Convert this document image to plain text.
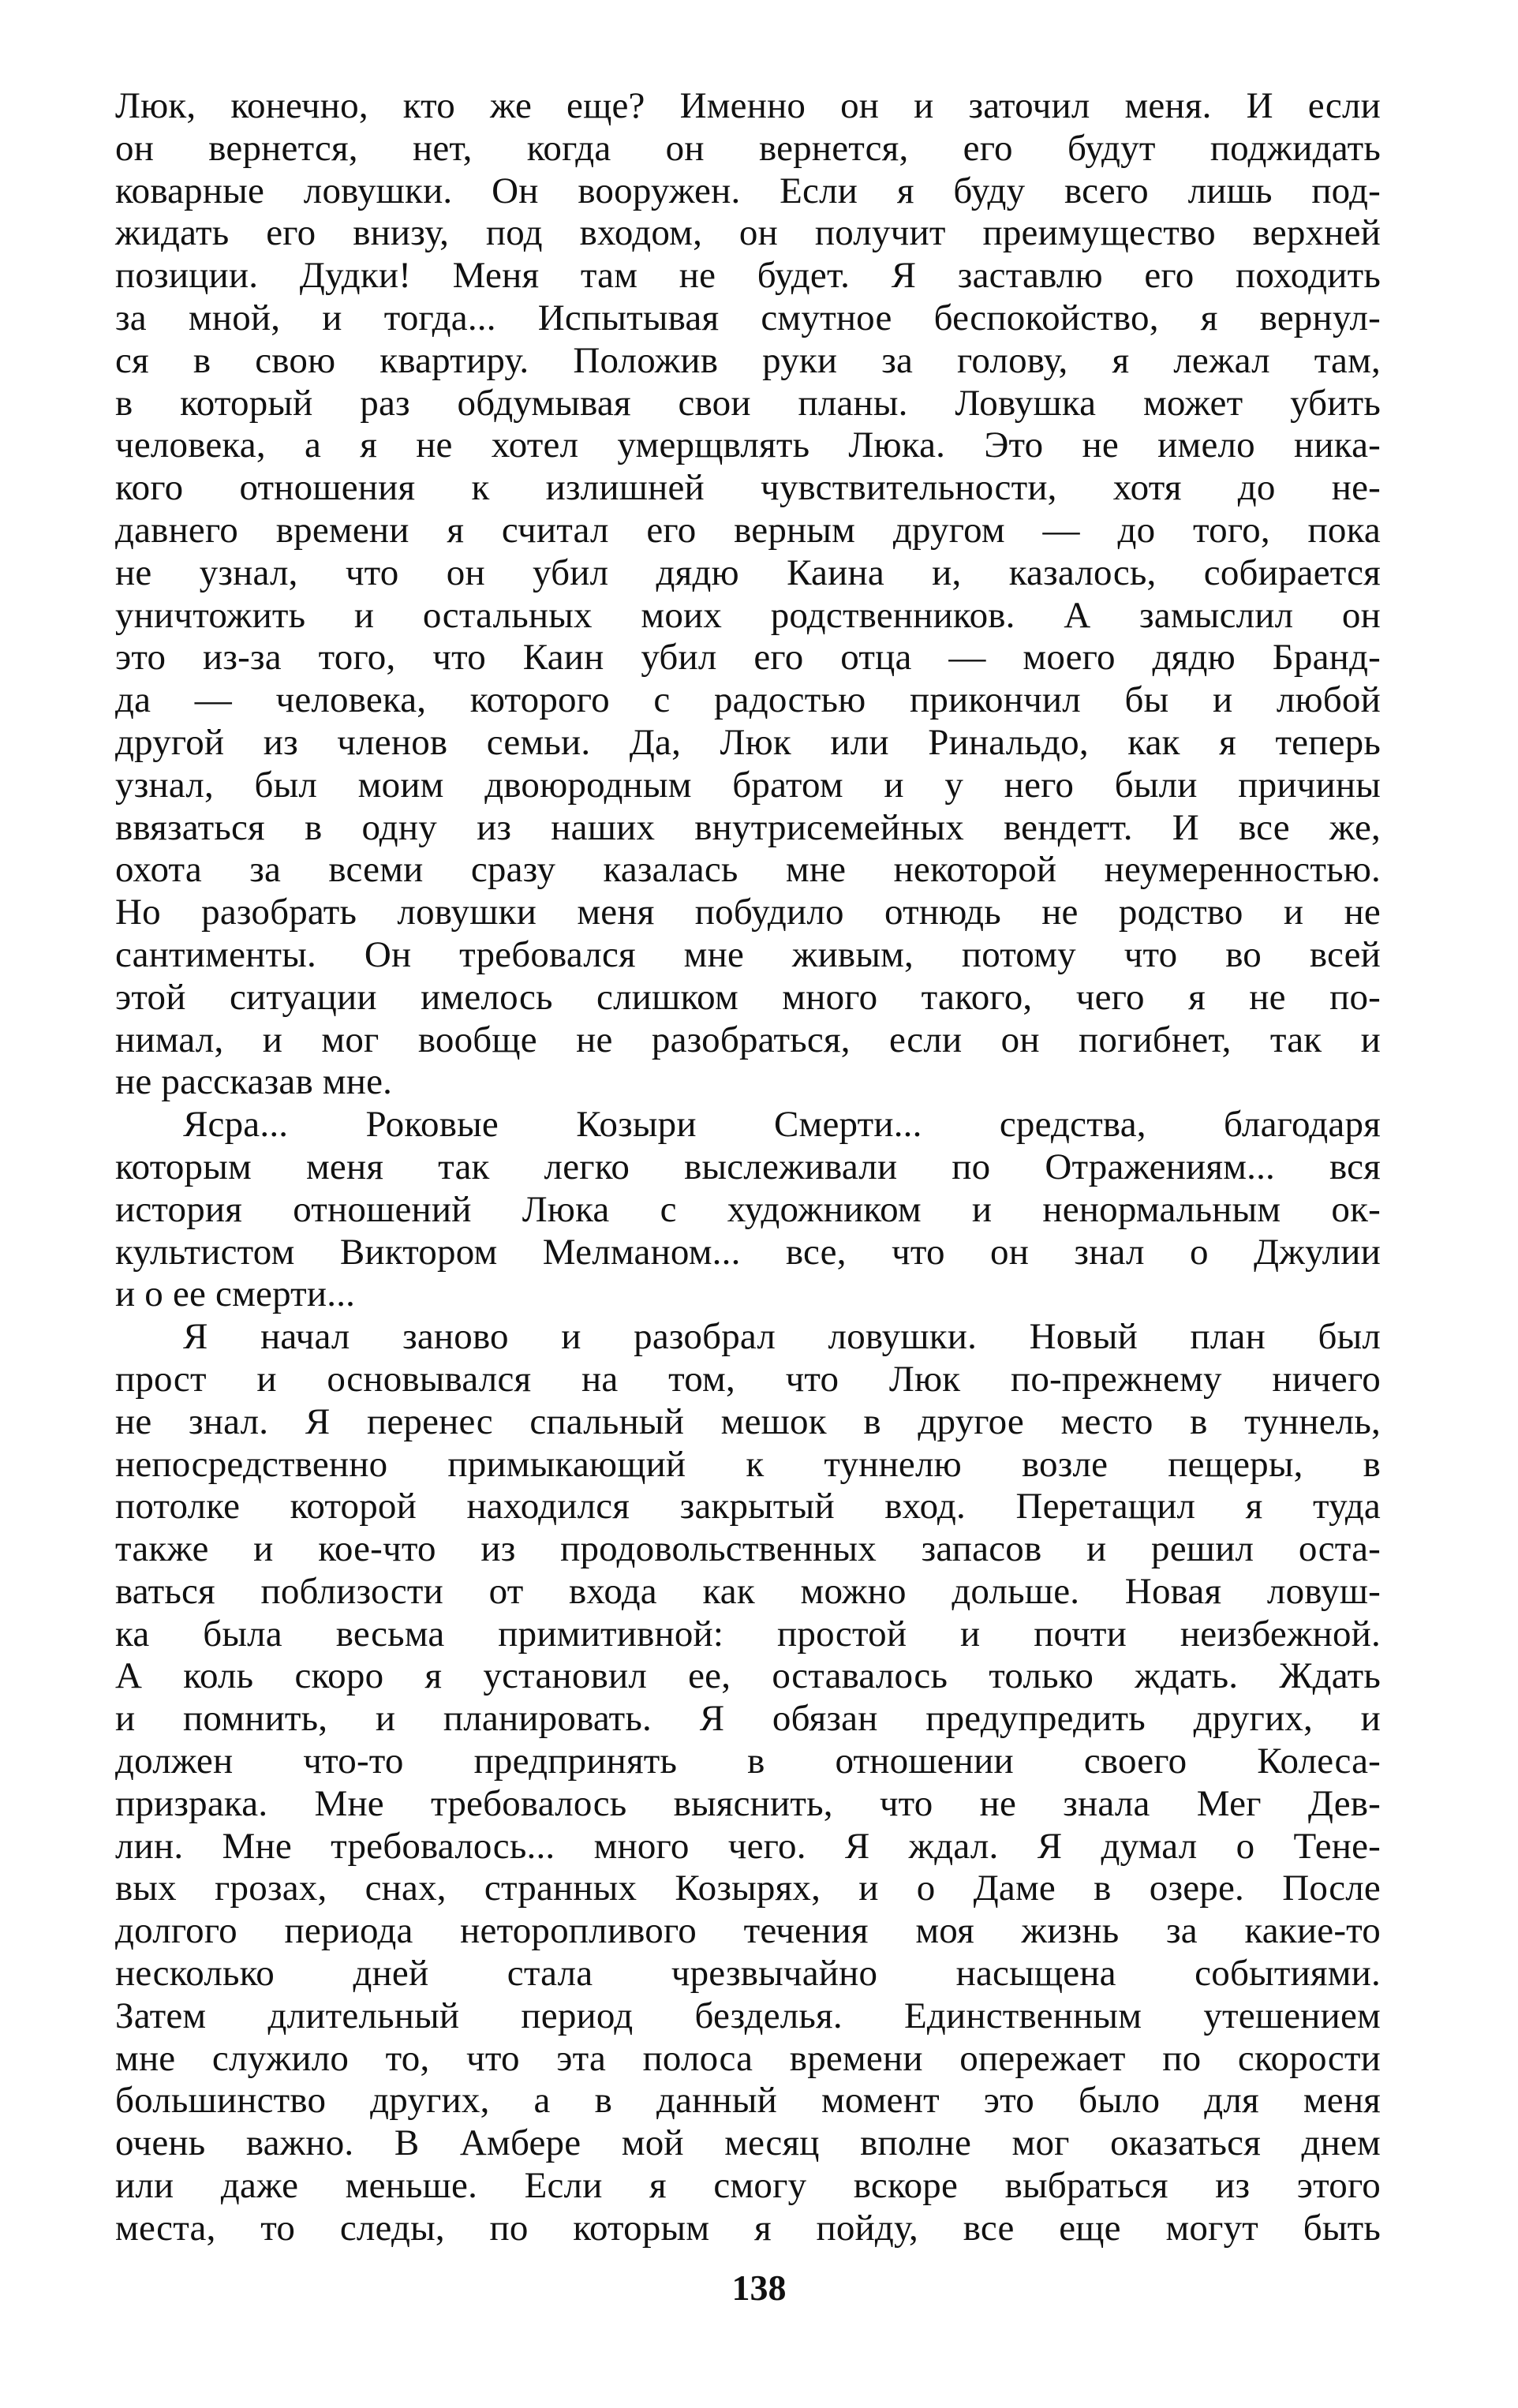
Люк, конечно, кто же еще? Именно он и заточил меня. И если
он вернется, нет, когда он вернется, его будут поджидать
коварные ловушки. Он вооружен. Если я буду всего лишь под-
жидать его внизу, под входом, он получит преимущество верхней
позиции. Дудки! Меня там не будет. Я заставлю его походить
за мной, и тогда... Испытывая смутное беспокойство, я вернул-
ся в свою квартиру. Положив руки за голову, я лежал там,
в который раз обдумывая свои планы. Ловушка может убить
человека, а я не хотел умерщвлять Люка. Это не имело ника-
кого отношения к излишней чувствительности, хотя до не-
давнего времени я считал его верным другом — до того, пока
не узнал, что он убил дядю Каина и, казалось, собирается
уничтожить и остальных моих родственников. А замыслил он
это из-за того, что Каин убил его отца — моего дядю Бранд-
да — человека, которого с радостью прикончил бы и любой
другой из членов семьи. Да, Люк или Ринальдо, как я теперь
узнал, был моим двоюродным братом и у него были причины
ввязаться в одну из наших внутрисемейных вендетт. И все же,
охота за всеми сразу казалась мне некоторой неумеренностью.
Но разобрать ловушки меня побудило отнюдь не родство и не
сантименты. Он требовался мне живым, потому что во всей
этой ситуации имелось слишком много такого, чего я не по-
нимал, и мог вообще не разобраться, если он погибнет, так и
не рассказав мне.
Ясра... Роковые Козыри Смерти... средства, благодаря
которым меня так легко выслеживали по Отражениям... вся
история отношений Люка с художником и ненормальным ок-
культистом Виктором Мелманом... все, что он знал о Джулии
и о ее смерти...
Я начал заново и разобрал ловушки. Новый план был
прост и основывался на том, что Люк по-прежнему ничего
не знал. Я перенес спальный мешок в другое место в туннель,
непосредственно примыкающий к туннелю возле пещеры, в
потолке которой находился закрытый вход. Перетащил я туда
также и кое-что из продовольственных запасов и решил оста-
ваться поблизости от входа как можно дольше. Новая ловуш-
ка была весьма примитивной: простой и почти неизбежной.
А коль скоро я установил ее, оставалось только ждать. Ждать
и помнить, и планировать. Я обязан предупредить других, и
должен что-то предпринять в отношении своего Колеса-
призрака. Мне требовалось выяснить, что не знала Мег Дев-
лин. Мне требовалось... много чего. Я ждал. Я думал о Тене-
вых грозах, снах, странных Козырях, и о Даме в озере. После
долгого периода неторопливого течения моя жизнь за какие-то
несколько дней стала чрезвычайно насыщена событиями.
Затем длительный период безделья. Единственным утешением
мне служило то, что эта полоса времени опережает по скорости
большинство других, а в данный момент это было для меня
очень важно. В Амбере мой месяц вполне мог оказаться днем
или даже меньше. Если я смогу вскоре выбраться из этого
места, то следы, по которым я пойду, все еще могут быть
138
